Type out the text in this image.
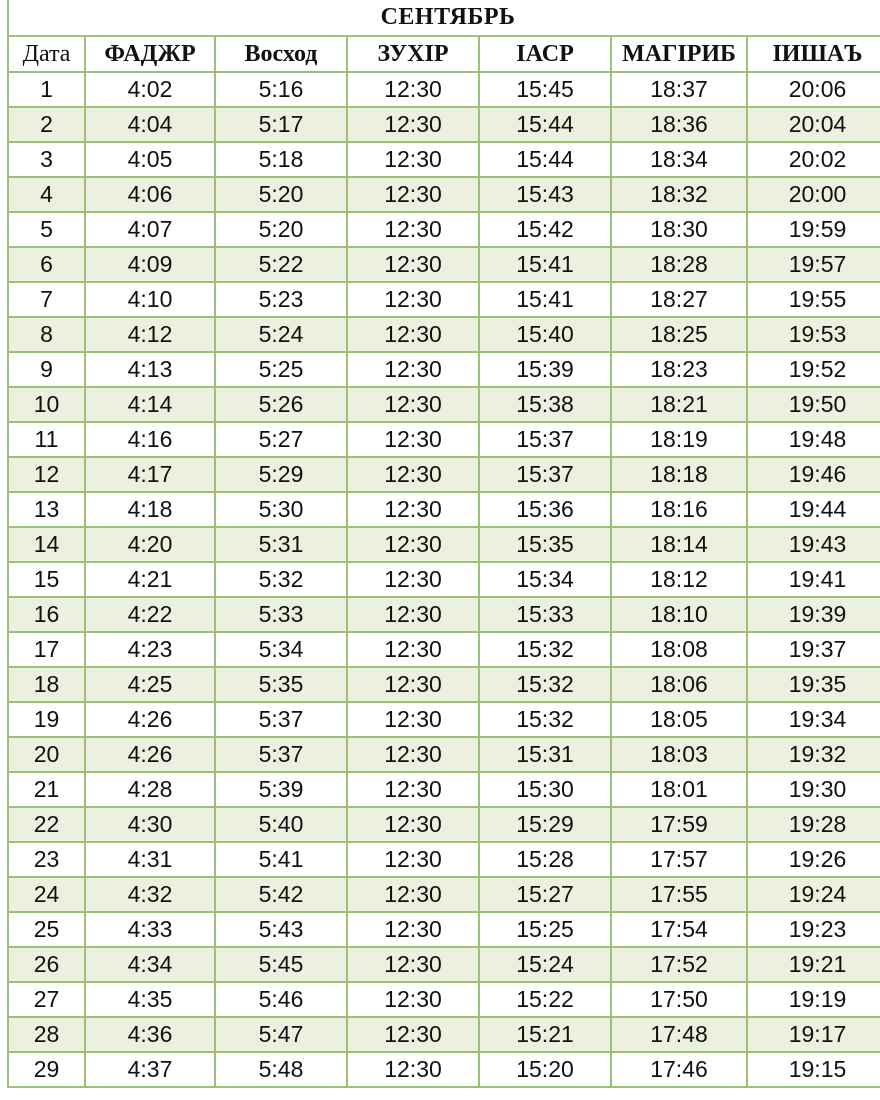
СЕНТЯБРЬ						
Дата	ФАДЖР	Восход	ЗУХIР	IАСР	МАГIРИБ	IИШАЪ
1	4:02	5:16	12:30	15:45	18:37	20:06
2	4:04	5:17	12:30	15:44	18:36	20:04
3	4:05	5:18	12:30	15:44	18:34	20:02
4	4:06	5:20	12:30	15:43	18:32	20:00
5	4:07	5:20	12:30	15:42	18:30	19:59
6	4:09	5:22	12:30	15:41	18:28	19:57
7	4:10	5:23	12:30	15:41	18:27	19:55
8	4:12	5:24	12:30	15:40	18:25	19:53
9	4:13	5:25	12:30	15:39	18:23	19:52
10	4:14	5:26	12:30	15:38	18:21	19:50
11	4:16	5:27	12:30	15:37	18:19	19:48
12	4:17	5:29	12:30	15:37	18:18	19:46
13	4:18	5:30	12:30	15:36	18:16	19:44
14	4:20	5:31	12:30	15:35	18:14	19:43
15	4:21	5:32	12:30	15:34	18:12	19:41
16	4:22	5:33	12:30	15:33	18:10	19:39
17	4:23	5:34	12:30	15:32	18:08	19:37
18	4:25	5:35	12:30	15:32	18:06	19:35
19	4:26	5:37	12:30	15:32	18:05	19:34
20	4:26	5:37	12:30	15:31	18:03	19:32
21	4:28	5:39	12:30	15:30	18:01	19:30
22	4:30	5:40	12:30	15:29	17:59	19:28
23	4:31	5:41	12:30	15:28	17:57	19:26
24	4:32	5:42	12:30	15:27	17:55	19:24
25	4:33	5:43	12:30	15:25	17:54	19:23
26	4:34	5:45	12:30	15:24	17:52	19:21
27	4:35	5:46	12:30	15:22	17:50	19:19
28	4:36	5:47	12:30	15:21	17:48	19:17
29	4:37	5:48	12:30	15:20	17:46	19:15
